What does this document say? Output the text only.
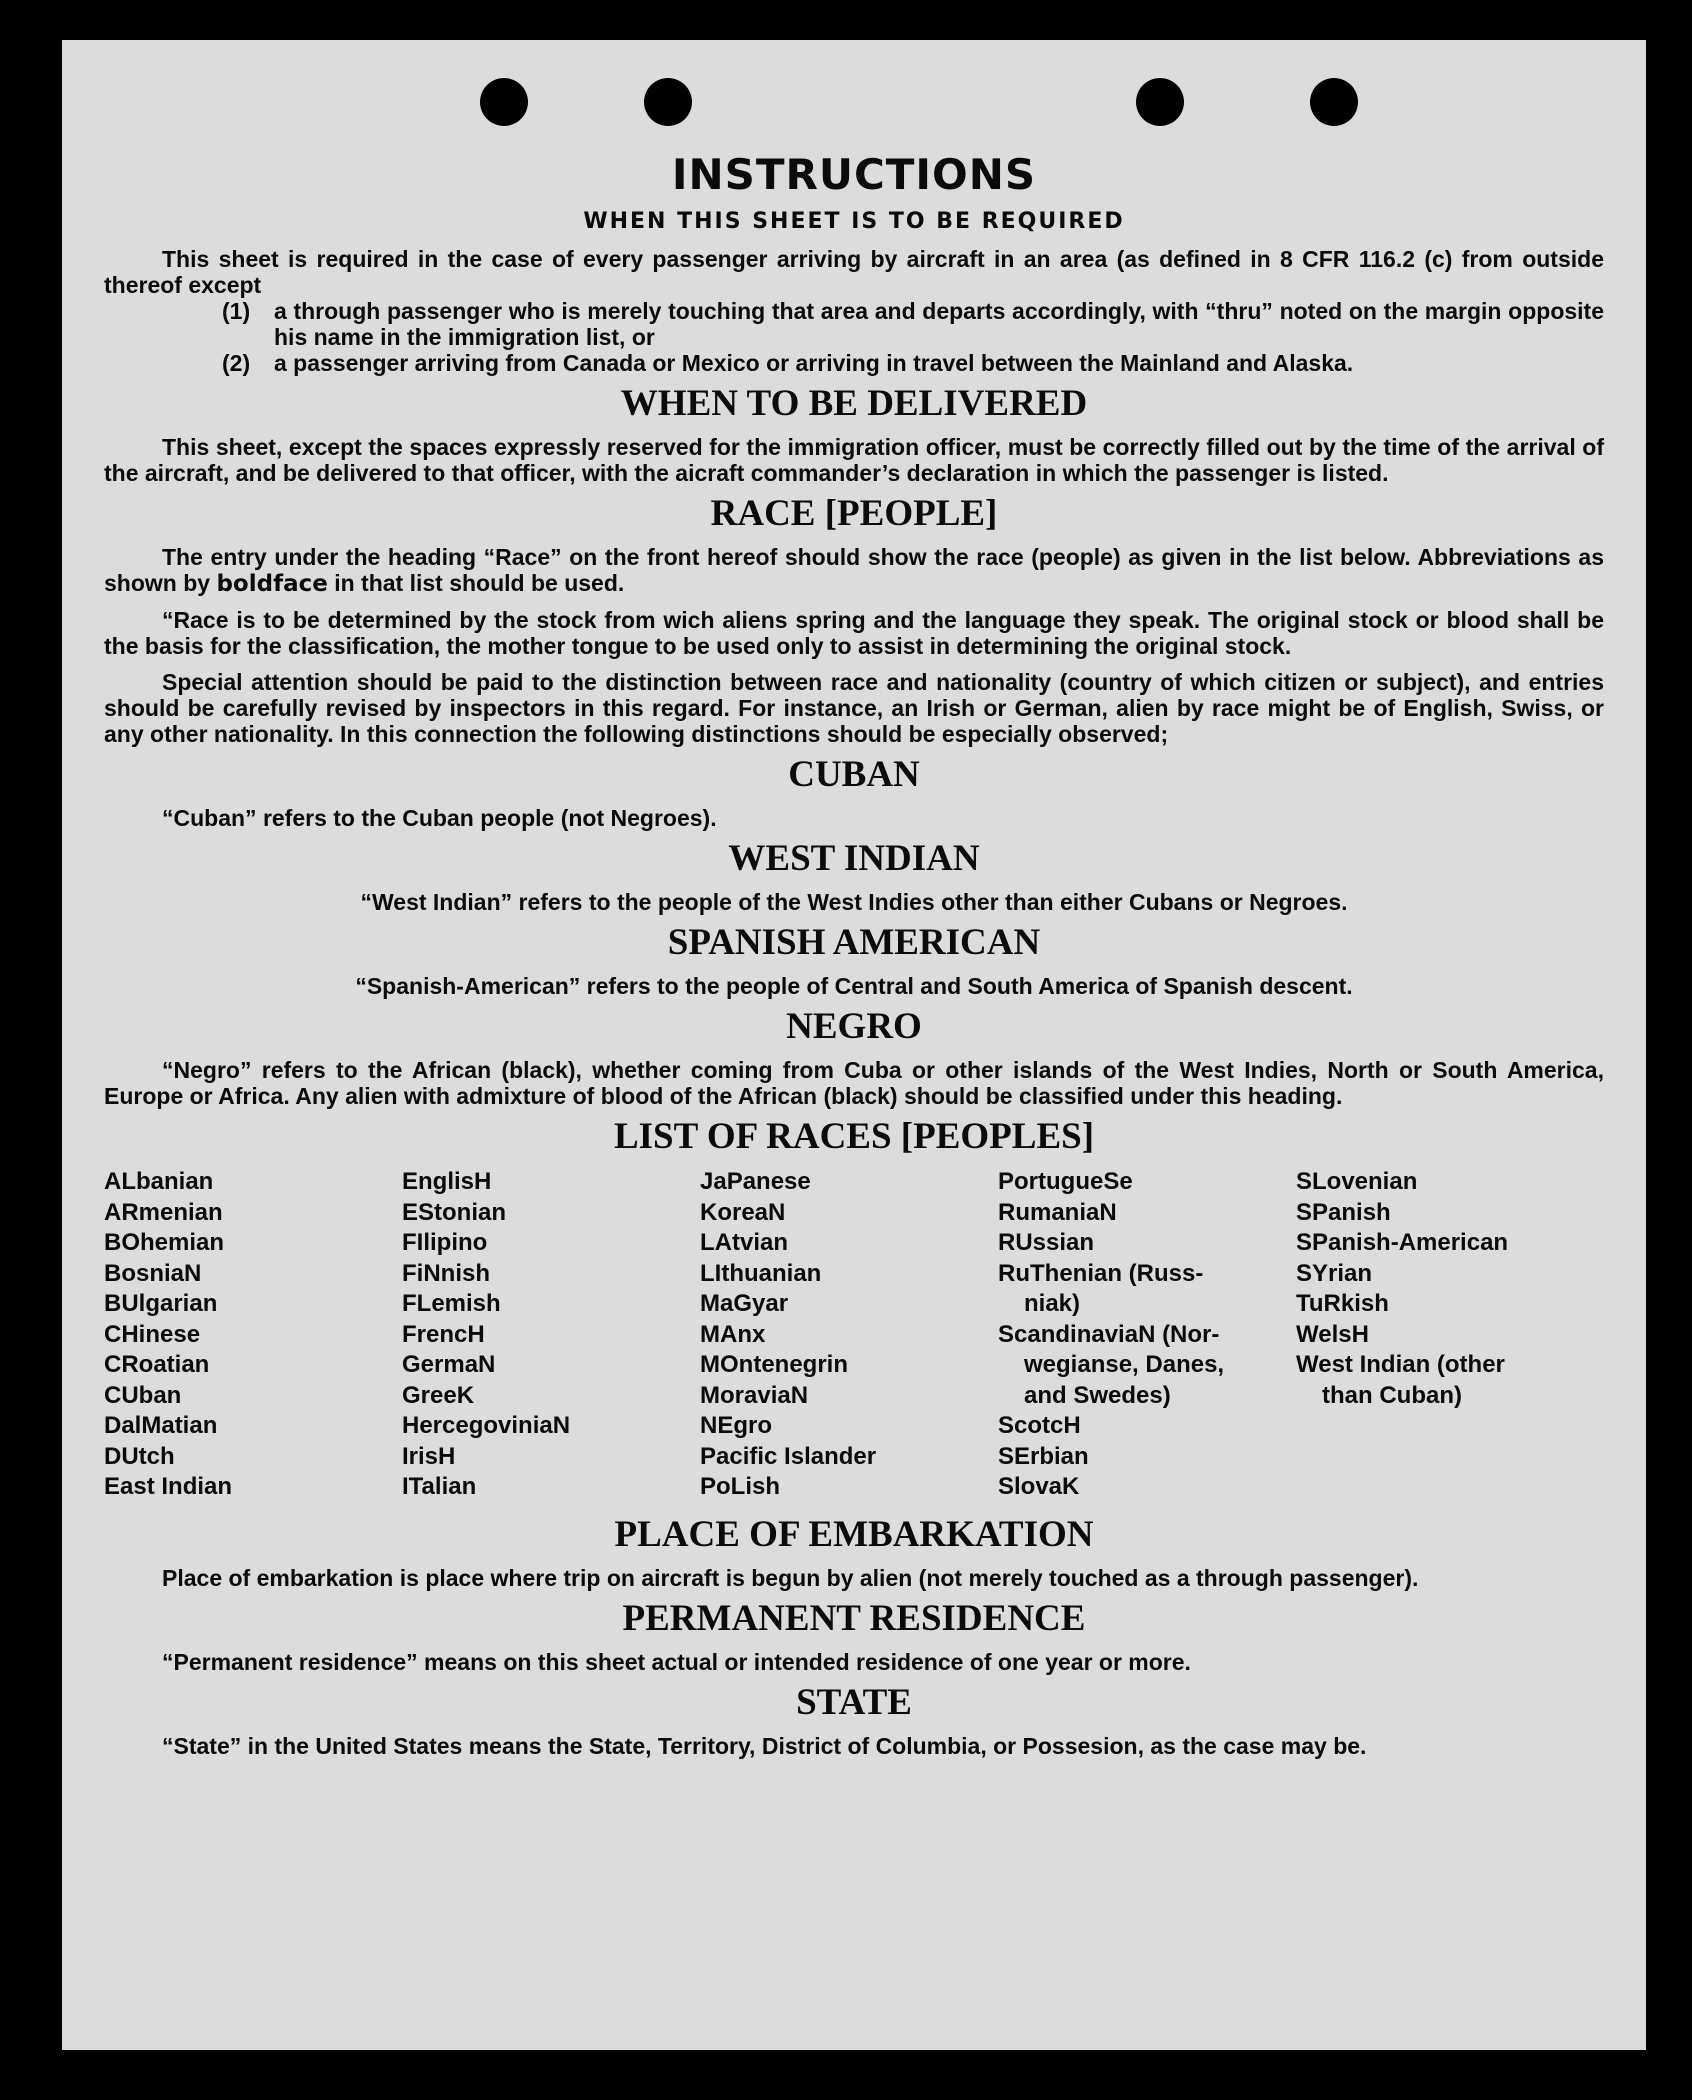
INSTRUCTIONS
WHEN THIS SHEET IS TO BE REQUIRED

This sheet is required in the case of every passenger arriving by aircraft in an area (as defined in 8 CFR 116.2 (c) from outside thereof except

(1)	a through passenger who is merely touching that area and departs accordingly, with “thru” noted on the margin opposite his name in the immigration list, or
(2)	a passenger arriving from Canada or Mexico or arriving in travel between the Mainland and Alaska.
WHEN TO BE DELIVERED

This sheet, except the spaces expressly reserved for the immigration officer, must be correctly filled out by the time of the arrival of the aircraft, and be delivered to that officer, with the aicraft commander’s declaration in which the passenger is listed.

RACE [PEOPLE]

The entry under the heading “Race” on the front hereof should show the race (people) as given in the list below. Abbreviations as shown by boldface in that list should be used.

“Race is to be determined by the stock from wich aliens spring and the language they speak. The original stock or blood shall be the basis for the classification, the mother tongue to be used only to assist in determining the original stock.

Special attention should be paid to the distinction between race and nationality (country of which citizen or subject), and entries should be carefully revised by inspectors in this regard. For instance, an Irish or German, alien by race might be of English, Swiss, or any other nationality. In this connection the following distinctions should be especially observed;

CUBAN

“Cuban” refers to the Cuban people (not Negroes).

WEST INDIAN
“West Indian” refers to the people of the West Indies other than either Cubans or Negroes.
SPANISH AMERICAN
“Spanish-American” refers to the people of Central and South America of Spanish descent.
NEGRO

“Negro” refers to the African (black), whether coming from Cuba or other islands of the West Indies, North or South America, Europe or Africa. Any alien with admixture of blood of the African (black) should be classified under this heading.

LIST OF RACES [PEOPLES]
ALbanian
ARmenian
BOhemian
BosniaN
BUlgarian
CHinese
CRoatian
CUban
DalMatian
DUtch
East Indian
EnglisH
EStonian
FIlipino
FiNnish
FLemish
FrencH
GermaN
GreeK
HercegoviniaN
IrisH
ITalian
JaPanese
KoreaN
LAtvian
LIthuanian
MaGyar
MAnx
MOntenegrin
MoraviaN
NEgro
Pacific Islander
PoLish
PortugueSe
RumaniaN
RUssian
RuThenian (Russ-
niak)
ScandinaviaN (Nor-
wegianse, Danes,
and Swedes)
ScotcH
SErbian
SlovaK
SLovenian
SPanish
SPanish-American
SYrian
TuRkish
WelsH
West Indian (other
than Cuban)
PLACE OF EMBARKATION

Place of embarkation is place where trip on aircraft is begun by alien (not merely touched as a through passenger).

PERMANENT RESIDENCE

“Permanent residence” means on this sheet actual or intended residence of one year or more.

STATE

“State” in the United States means the State, Territory, District of Columbia, or Possesion, as the case may be.
